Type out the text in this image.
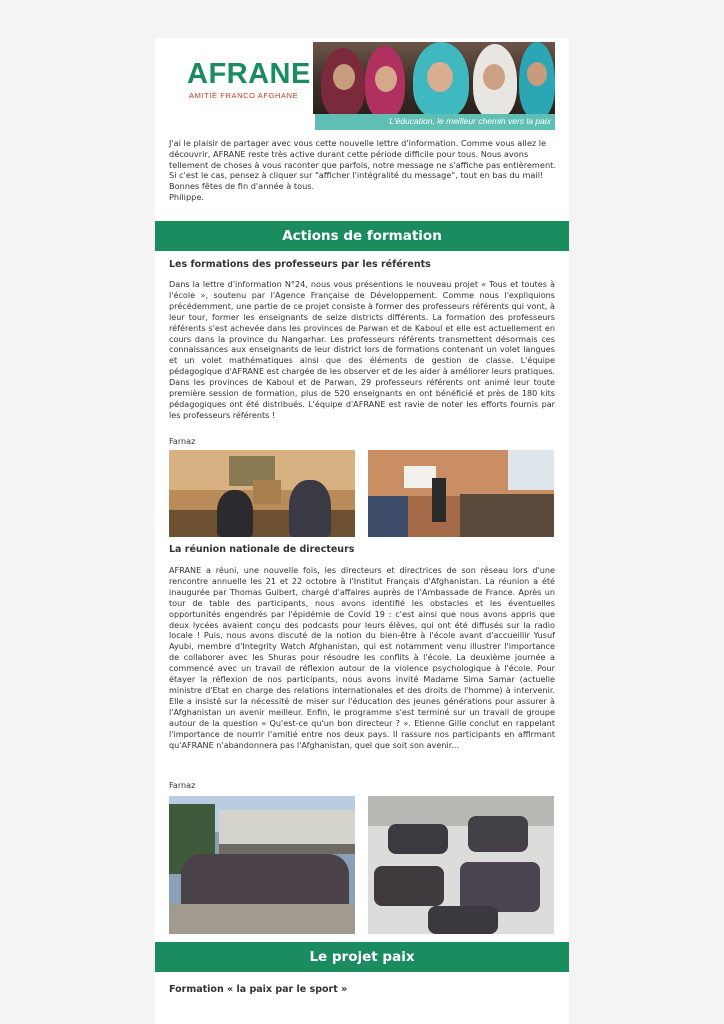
AFRANE
AMITIÉ FRANCO AFGHANE
L'éducation, le meilleur chemin vers la paix

J'ai le plaisir de partager avec vous cette nouvelle lettre d'information. Comme vous allez le découvrir, AFRANE reste très active durant cette période difficile pour tous. Nous avons tellement de choses à vous raconter que parfois, notre message ne s'affiche pas entièrement. Si c'est le cas, pensez à cliquer sur "afficher l'intégralité du message", tout en bas du mail!

Bonnes fêtes de fin d'année à tous.

Philippe.

Actions de formation
Les formations des professeurs par les référents
Dans la lettre d'information N°24, nous vous présentions le nouveau projet « Tous et toutes à l'école », soutenu par l'Agence Française de Développement. Comme nous l'expliquions précédemment, une partie de ce projet consiste à former des professeurs référents qui vont, à leur tour, former les enseignants de seize districts différents. La formation des professeurs référents s'est achevée dans les provinces de Parwan et de Kaboul et elle est actuellement en cours dans la province du Nangarhar. Les professeurs référents transmettent désormais ces connaissances aux enseignants de leur district lors de formations contenant un volet langues et un volet mathématiques ainsi que des éléments de gestion de classe. L'équipe pédagogique d'AFRANE est chargée de les observer et de les aider à améliorer leurs pratiques. Dans les provinces de Kaboul et de Parwan, 29 professeurs référents ont animé leur toute première session de formation, plus de 520 enseignants en ont bénéficié et près de 180 kits pédagogiques ont été distribués. L'équipe d'AFRANE est ravie de noter les efforts fournis par les professeurs référents !
Farnaz
La réunion nationale de directeurs
AFRANE a réuni, une nouvelle fois, les directeurs et directrices de son réseau lors d'une rencontre annuelle les 21 et 22 octobre à l'Institut Français d'Afghanistan. La réunion a été inaugurée par Thomas Guibert, chargé d'affaires auprès de l'Ambassade de France. Après un tour de table des participants, nous avons identifié les obstacles et les éventuelles opportunités engendrés par l'épidémie de Covid 19 : c'est ainsi que nous avons appris que deux lycées avaient conçu des podcasts pour leurs élèves, qui ont été diffusés sur la radio locale ! Puis, nous avons discuté de la notion du bien-être à l'école avant d'accueillir Yusuf Ayubi, membre d'Integrity Watch Afghanistan, qui est notamment venu illustrer l'importance de collaborer avec les Shuras pour résoudre les conflits à l'école. La deuxième journée a commencé avec un travail de réflexion autour de la violence psychologique à l'école. Pour étayer la réflexion de nos participants, nous avons invité Madame Sima Samar (actuelle ministre d'Etat en charge des relations internationales et des droits de l'homme) à intervenir. Elle a insisté sur la nécessité de miser sur l'éducation des jeunes générations pour assurer à l'Afghanistan un avenir meilleur. Enfin, le programme s'est terminé sur un travail de groupe autour de la question « Qu'est-ce qu'un bon directeur ? ». Etienne Gille conclut en rappelant l'importance de nourrir l'amitié entre nos deux pays. Il rassure nos participants en affirmant qu'AFRANE n'abandonnera pas l'Afghanistan, quel que soit son avenir...
Farnaz
Le projet paix
Formation « la paix par le sport »
